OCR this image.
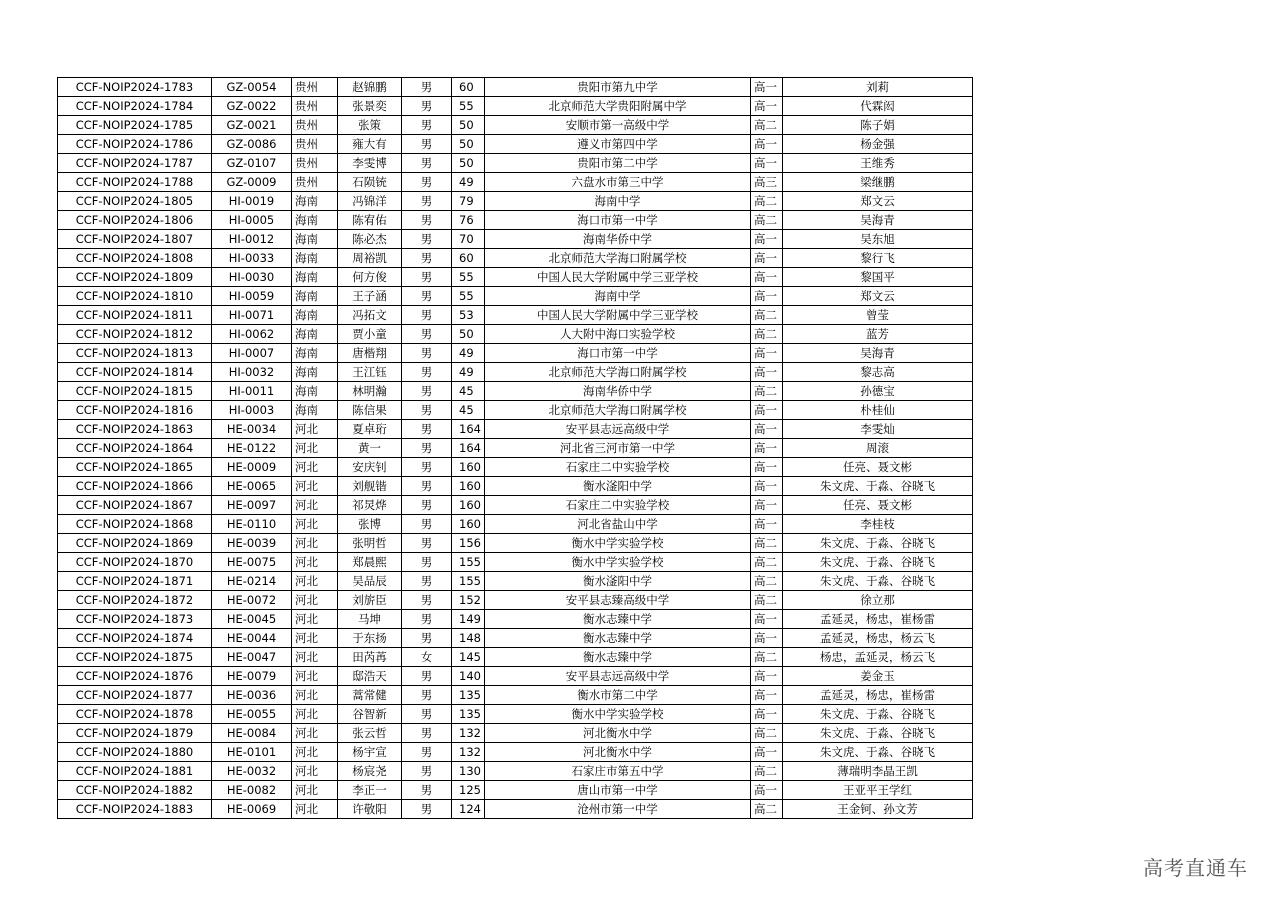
CCF-NOIP2024-1783	GZ-0054	贵州	赵锦鹏	男	60	贵阳市第九中学	高一	刘莉
CCF-NOIP2024-1784	GZ-0022	贵州	张景奕	男	55	北京师范大学贵阳附属中学	高一	代霖闳
CCF-NOIP2024-1785	GZ-0021	贵州	张策	男	50	安顺市第一高级中学	高二	陈子娟
CCF-NOIP2024-1786	GZ-0086	贵州	雍大有	男	50	遵义市第四中学	高一	杨金强
CCF-NOIP2024-1787	GZ-0107	贵州	李雯博	男	50	贵阳市第二中学	高一	王维秀
CCF-NOIP2024-1788	GZ-0009	贵州	石陨铳	男	49	六盘水市第三中学	高三	梁继鹏
CCF-NOIP2024-1805	HI-0019	海南	冯锦洋	男	79	海南中学	高二	郑文云
CCF-NOIP2024-1806	HI-0005	海南	陈宥佑	男	76	海口市第一中学	高二	吴海青
CCF-NOIP2024-1807	HI-0012	海南	陈必杰	男	70	海南华侨中学	高一	吴东旭
CCF-NOIP2024-1808	HI-0033	海南	周裕凯	男	60	北京师范大学海口附属学校	高一	黎行飞
CCF-NOIP2024-1809	HI-0030	海南	何方俊	男	55	中国人民大学附属中学三亚学校	高一	黎国平
CCF-NOIP2024-1810	HI-0059	海南	王子涵	男	55	海南中学	高一	郑文云
CCF-NOIP2024-1811	HI-0071	海南	冯拓文	男	53	中国人民大学附属中学三亚学校	高二	曾莹
CCF-NOIP2024-1812	HI-0062	海南	贾小童	男	50	人大附中海口实验学校	高二	蓝芳
CCF-NOIP2024-1813	HI-0007	海南	唐楷翔	男	49	海口市第一中学	高一	吴海青
CCF-NOIP2024-1814	HI-0032	海南	王江钰	男	49	北京师范大学海口附属学校	高一	黎志高
CCF-NOIP2024-1815	HI-0011	海南	林明瀚	男	45	海南华侨中学	高二	孙德宝
CCF-NOIP2024-1816	HI-0003	海南	陈信果	男	45	北京师范大学海口附属学校	高一	朴桂仙
CCF-NOIP2024-1863	HE-0034	河北	夏卓珩	男	164	安平县志远高级中学	高一	李雯灿
CCF-NOIP2024-1864	HE-0122	河北	黄一	男	164	河北省三河市第一中学	高一	周滚
CCF-NOIP2024-1865	HE-0009	河北	安庆钊	男	160	石家庄二中实验学校	高一	任亮、聂文彬
CCF-NOIP2024-1866	HE-0065	河北	刘舰锴	男	160	衡水滏阳中学	高一	朱文虎、于淼、谷晓飞
CCF-NOIP2024-1867	HE-0097	河北	祁炅烨	男	160	石家庄二中实验学校	高一	任亮、聂文彬
CCF-NOIP2024-1868	HE-0110	河北	张博	男	160	河北省盐山中学	高一	李桂枝
CCF-NOIP2024-1869	HE-0039	河北	张明哲	男	156	衡水中学实验学校	高二	朱文虎、于淼、谷晓飞
CCF-NOIP2024-1870	HE-0075	河北	郑晨熙	男	155	衡水中学实验学校	高二	朱文虎、于淼、谷晓飞
CCF-NOIP2024-1871	HE-0214	河北	吴品辰	男	155	衡水滏阳中学	高二	朱文虎、于淼、谷晓飞
CCF-NOIP2024-1872	HE-0072	河北	刘旂臣	男	152	安平县志臻高级中学	高二	徐立那
CCF-NOIP2024-1873	HE-0045	河北	马坤	男	149	衡水志臻中学	高一	孟延灵，杨忠，崔杨雷
CCF-NOIP2024-1874	HE-0044	河北	于东扬	男	148	衡水志臻中学	高一	孟延灵，杨忠，杨云飞
CCF-NOIP2024-1875	HE-0047	河北	田芮苒	女	145	衡水志臻中学	高二	杨忠，孟延灵，杨云飞
CCF-NOIP2024-1876	HE-0079	河北	邸浩天	男	140	安平县志远高级中学	高一	姜金玉
CCF-NOIP2024-1877	HE-0036	河北	蒿常健	男	135	衡水市第二中学	高一	孟延灵，杨忠，崔杨雷
CCF-NOIP2024-1878	HE-0055	河北	谷智新	男	135	衡水中学实验学校	高一	朱文虎、于淼、谷晓飞
CCF-NOIP2024-1879	HE-0084	河北	张云哲	男	132	河北衡水中学	高二	朱文虎、于淼、谷晓飞
CCF-NOIP2024-1880	HE-0101	河北	杨宇宣	男	132	河北衡水中学	高一	朱文虎、于淼、谷晓飞
CCF-NOIP2024-1881	HE-0032	河北	杨宸尧	男	130	石家庄市第五中学	高二	薄瑞明李晶王凯
CCF-NOIP2024-1882	HE-0082	河北	李正一	男	125	唐山市第一中学	高一	王亚平王学红
CCF-NOIP2024-1883	HE-0069	河北	许敬阳	男	124	沧州市第一中学	高二	王金钶、孙文芳
高考直通车
